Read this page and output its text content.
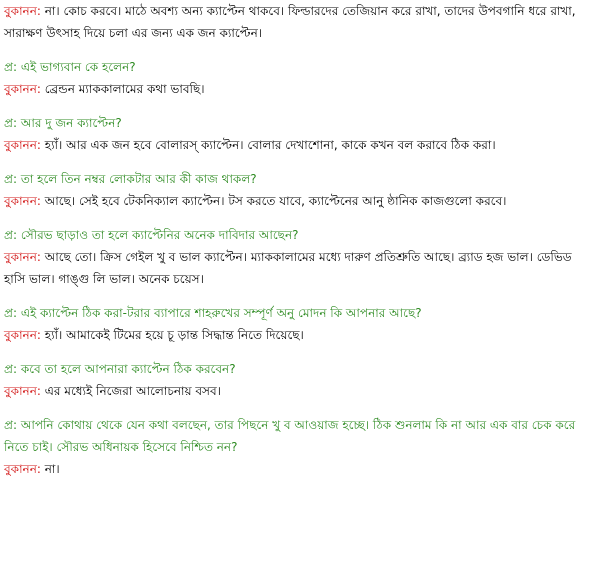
বুকানন: না। কোচ করবে। মাঠে অবশ্য অন্য ক্যাপ্টেন থাকবে। ফিল্ডারদের তেজিয়ান করে রাখা, তাদের উপবগানি ধরে রাখা, সারাক্ষণ উৎসাহ দিয়ে চলা এর জন্য এক জন ক্যাপ্টেন।
প্র: এই ভাগ্যবান কে হলেন?
বুকানন: ব্রেন্ডন ম্যাককালামের কথা ভাবছি।
প্র: আর দু জন ক্যাপ্টেন?
বুকানন: হ্যাঁ। আর এক জন হবে বোলারস্ ক্যাপ্টেন। বোলার দেখাশোনা, কাকে কখন বল করাবে ঠিক করা।
প্র: তা হলে তিন নম্বর লোকটার আর কী কাজ থাকল?
বুকানন: আছে। সেই হবে টেকনিক্যাল ক্যাপ্টেন। টস করতে যাবে, ক্যাপ্টেনের আনু ষ্ঠানিক কাজগুলো করবে।
প্র: সৌরভ ছাড়াও তা হলে ক্যাপ্টেনির অনেক দাবিদার আছেন?
বুকানন: আছে তো। ক্রিস গেইল খু ব ভাল ক্যাপ্টেন। ম্যাককালামের মধ্যে দারুণ প্রতিশ্রুতি আছে। ব্র্যাড হজ ভাল। ডেভিড হাসি ভাল। গাঙ্গু লি ভাল। অনেক চয়েস।
প্র: এই ক্যাপ্টেন ঠিক করা-টরার ব্যাপারে শাহরুখের সম্পূর্ণ অনু মোদন কি আপনার আছে?
বুকানন: হ্যাঁ। আমাকেই টিমের হয়ে চূ ড়ান্ত সিদ্ধান্ত নিতে দিয়েছে।
প্র: কবে তা হলে আপনারা ক্যাপ্টেন ঠিক করবেন?
বুকানন: এর মধ্যেই নিজেরা আলোচনায় বসব।
প্র: আপনি কোথায় থেকে যেন কথা বলছেন, তার পিছনে খু ব আওয়াজ হচ্ছে। ঠিক শুনলাম কি না আর এক বার চেক করে নিতে চাই। সৌরভ অধিনায়ক হিসেবে নিশ্চিত নন?
বুকানন: না।
